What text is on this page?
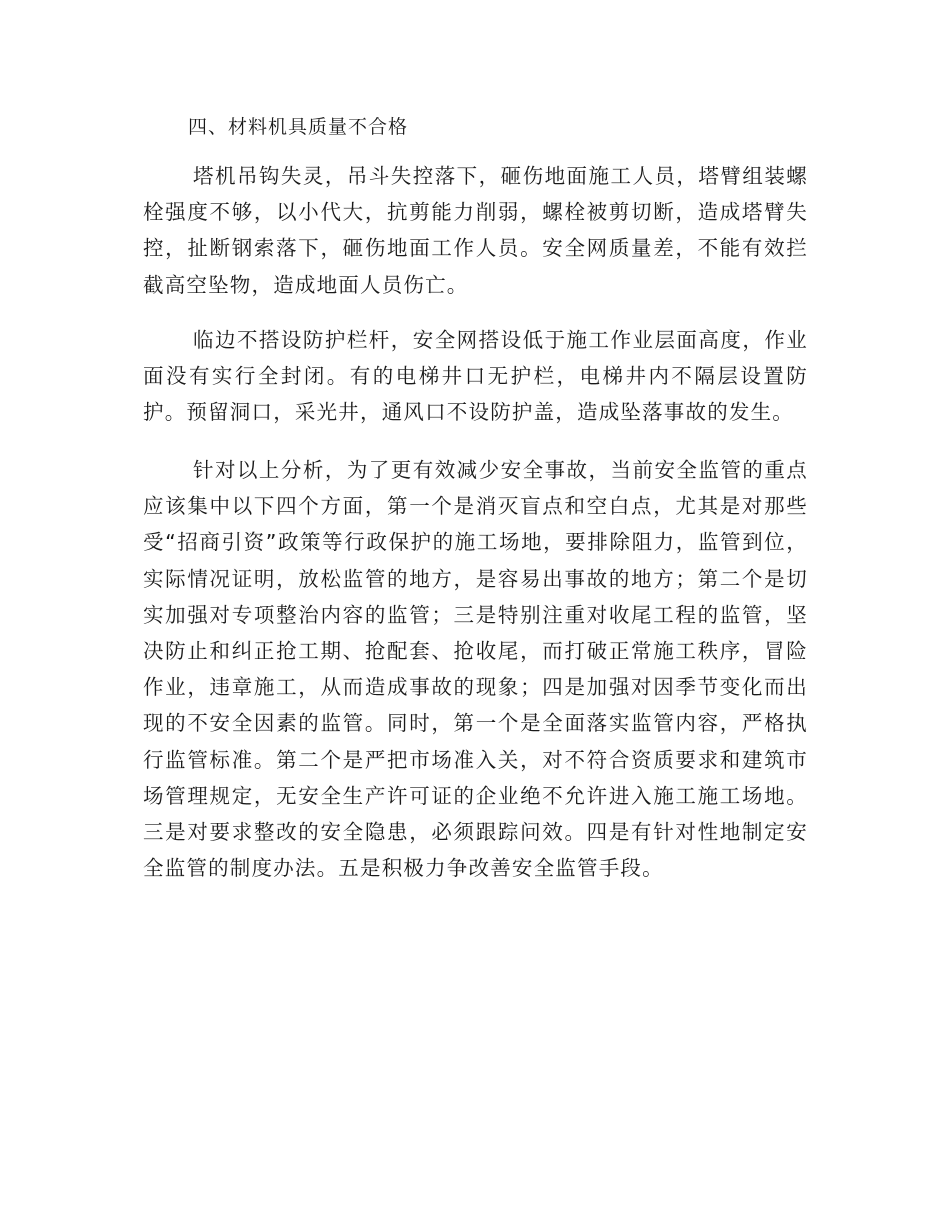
四、材料机具质量不合格

塔机吊钩失灵，吊斗失控落下，砸伤地面施工人员，塔臂组装螺栓强度不够，以小代大，抗剪能力削弱，螺栓被剪切断，造成塔臂失控，扯断钢索落下，砸伤地面工作人员。安全网质量差，不能有效拦截高空坠物，造成地面人员伤亡。

临边不搭设防护栏杆，安全网搭设低于施工作业层面高度，作业面没有实行全封闭。有的电梯井口无护栏，电梯井内不隔层设置防护。预留洞口，采光井，通风口不设防护盖，造成坠落事故的发生。

针对以上分析，为了更有效减少安全事故，当前安全监管的重点应该集中以下四个方面，第一个是消灭盲点和空白点，尤其是对那些受“招商引资”政策等行政保护的施工场地，要排除阻力，监管到位，实际情况证明，放松监管的地方，是容易出事故的地方；第二个是切实加强对专项整治内容的监管；三是特别注重对收尾工程的监管，坚决防止和纠正抢工期、抢配套、抢收尾，而打破正常施工秩序，冒险作业，违章施工，从而造成事故的现象；四是加强对因季节变化而出现的不安全因素的监管。同时，第一个是全面落实监管内容，严格执行监管标准。第二个是严把市场准入关，对不符合资质要求和建筑市场管理规定，无安全生产许可证的企业绝不允许进入施工施工场地。三是对要求整改的安全隐患，必须跟踪问效。四是有针对性地制定安全监管的制度办法。五是积极力争改善安全监管手段。
